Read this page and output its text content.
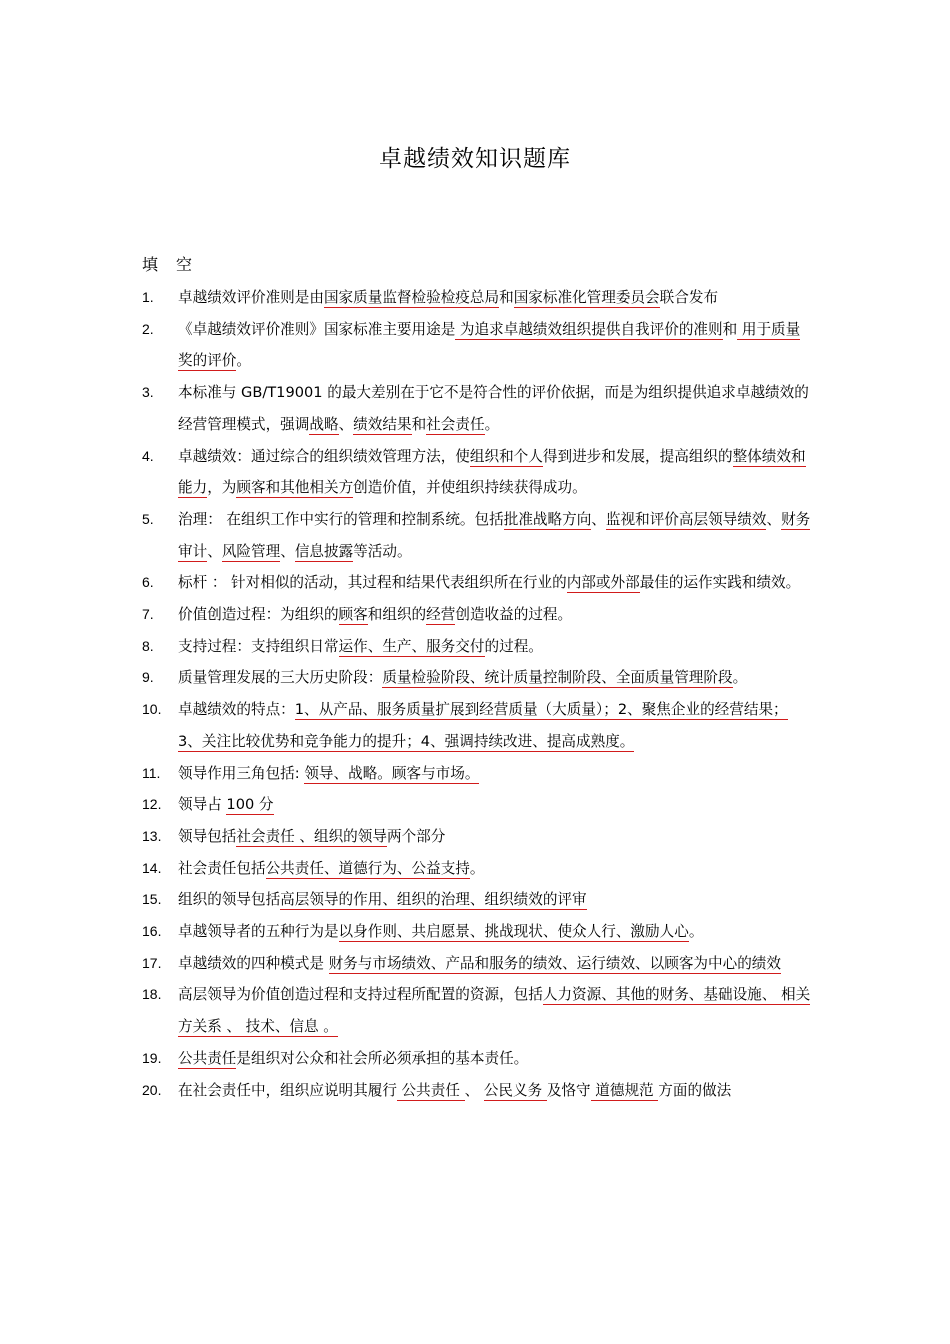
卓越绩效知识题库
填 空
1.	卓越绩效评价准则是由国家质量监督检验检疫总局和国家标准化管理委员会联合发布
2.	《卓越绩效评价准则》国家标准主要用途是 为追求卓越绩效组织提供自我评价的准则和 用于质量奖的评价。
3.	本标准与 GB/T19001 的最大差别在于它不是符合性的评价依据，而是为组织提供追求卓越绩效的经营管理模式，强调战略、绩效结果和社会责任。
4.	卓越绩效：通过综合的组织绩效管理方法，使组织和个人得到进步和发展，提高组织的整体绩效和能力，为顾客和其他相关方创造价值，并使组织持续获得成功。
5.	治理： 在组织工作中实行的管理和控制系统。包括批准战略方向、监视和评价高层领导绩效、财务审计、风险管理、信息披露等活动。
6.	标杆 ： 针对相似的活动，其过程和结果代表组织所在行业的内部或外部最佳的运作实践和绩效。
7.	价值创造过程：为组织的顾客和组织的经营创造收益的过程。
8.	支持过程：支持组织日常运作、生产、服务交付的过程。
9.	质量管理发展的三大历史阶段：质量检验阶段、统计质量控制阶段、全面质量管理阶段。
10.	卓越绩效的特点：1、从产品、服务质量扩展到经营质量（大质量）；2、聚焦企业的经营结果； 3、关注比较优势和竞争能力的提升；4、强调持续改进、提高成熟度。
11.	领导作用三角包括: 领导、战略。顾客与市场。
12.	领导占 100 分
13.	领导包括社会责任 、组织的领导两个部分
14.	社会责任包括公共责任、道德行为、公益支持。
15.	组织的领导包括高层领导的作用、组织的治理、组织绩效的评审
16.	卓越领导者的五种行为是以身作则、共启愿景、挑战现状、使众人行、激励人心。
17.	卓越绩效的四种模式是 财务与市场绩效、产品和服务的绩效、运行绩效、以顾客为中心的绩效
18.	高层领导为价值创造过程和支持过程所配置的资源，包括人力资源、其他的财务、基础设施、 相关方关系 、 技术、信息 。
19.	公共责任是组织对公众和社会所必须承担的基本责任。
20.	在社会责任中，组织应说明其履行 公共责任 、 公民义务 及恪守 道德规范 方面的做法
